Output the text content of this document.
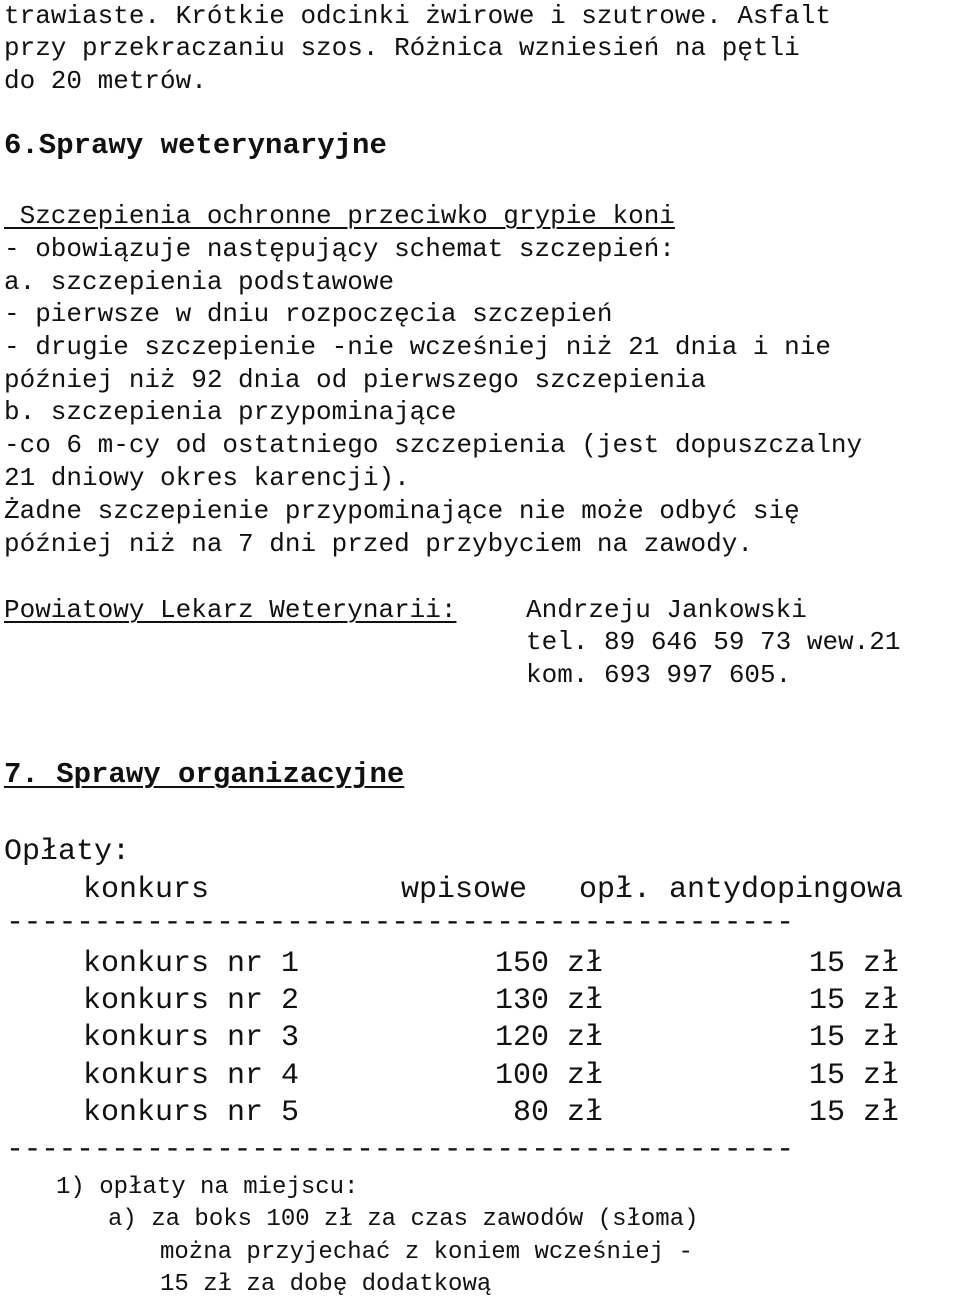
trawiaste. Krótkie odcinki żwirowe i szutrowe. Asfalt
przy przekraczaniu szos. Różnica wzniesień na pętli
do 20 metrów.
6.Sprawy weterynaryjne
Szczepienia ochronne przeciwko grypie koni
- obowiązuje następujący schemat szczepień:
a. szczepienia podstawowe
- pierwsze w dniu rozpoczęcia szczepień
- drugie szczepienie -nie wcześniej niż 21 dnia i nie
później niż 92 dnia od pierwszego szczepienia
b. szczepienia przypominające
-co 6 m-cy od ostatniego szczepienia (jest dopuszczalny
21 dniowy okres karencji).
Żadne szczepienie przypominające nie może odbyć się
później niż na 7 dni przed przybyciem na zawody.
Powiatowy Lekarz Weterynarii:	Andrzeju Jankowski
tel. 89 646 59 73 wew.21
kom. 693 997 605.
7. Sprawy organizacyjne
Opłaty:
konkurs	wpisowe opł. antydopingowa
---------------------------------------------
konkurs nr 1	150 zł	15 zł
konkurs nr 2	130 zł	15 zł
konkurs nr 3	120 zł	15 zł
konkurs nr 4	100 zł	15 zł
konkurs nr 5	80 zł	15 zł
---------------------------------------------
1) opłaty na miejscu:
a) za boks 100 zł za czas zawodów (słoma)
można przyjechać z koniem wcześniej -
15 zł za dobę dodatkową
